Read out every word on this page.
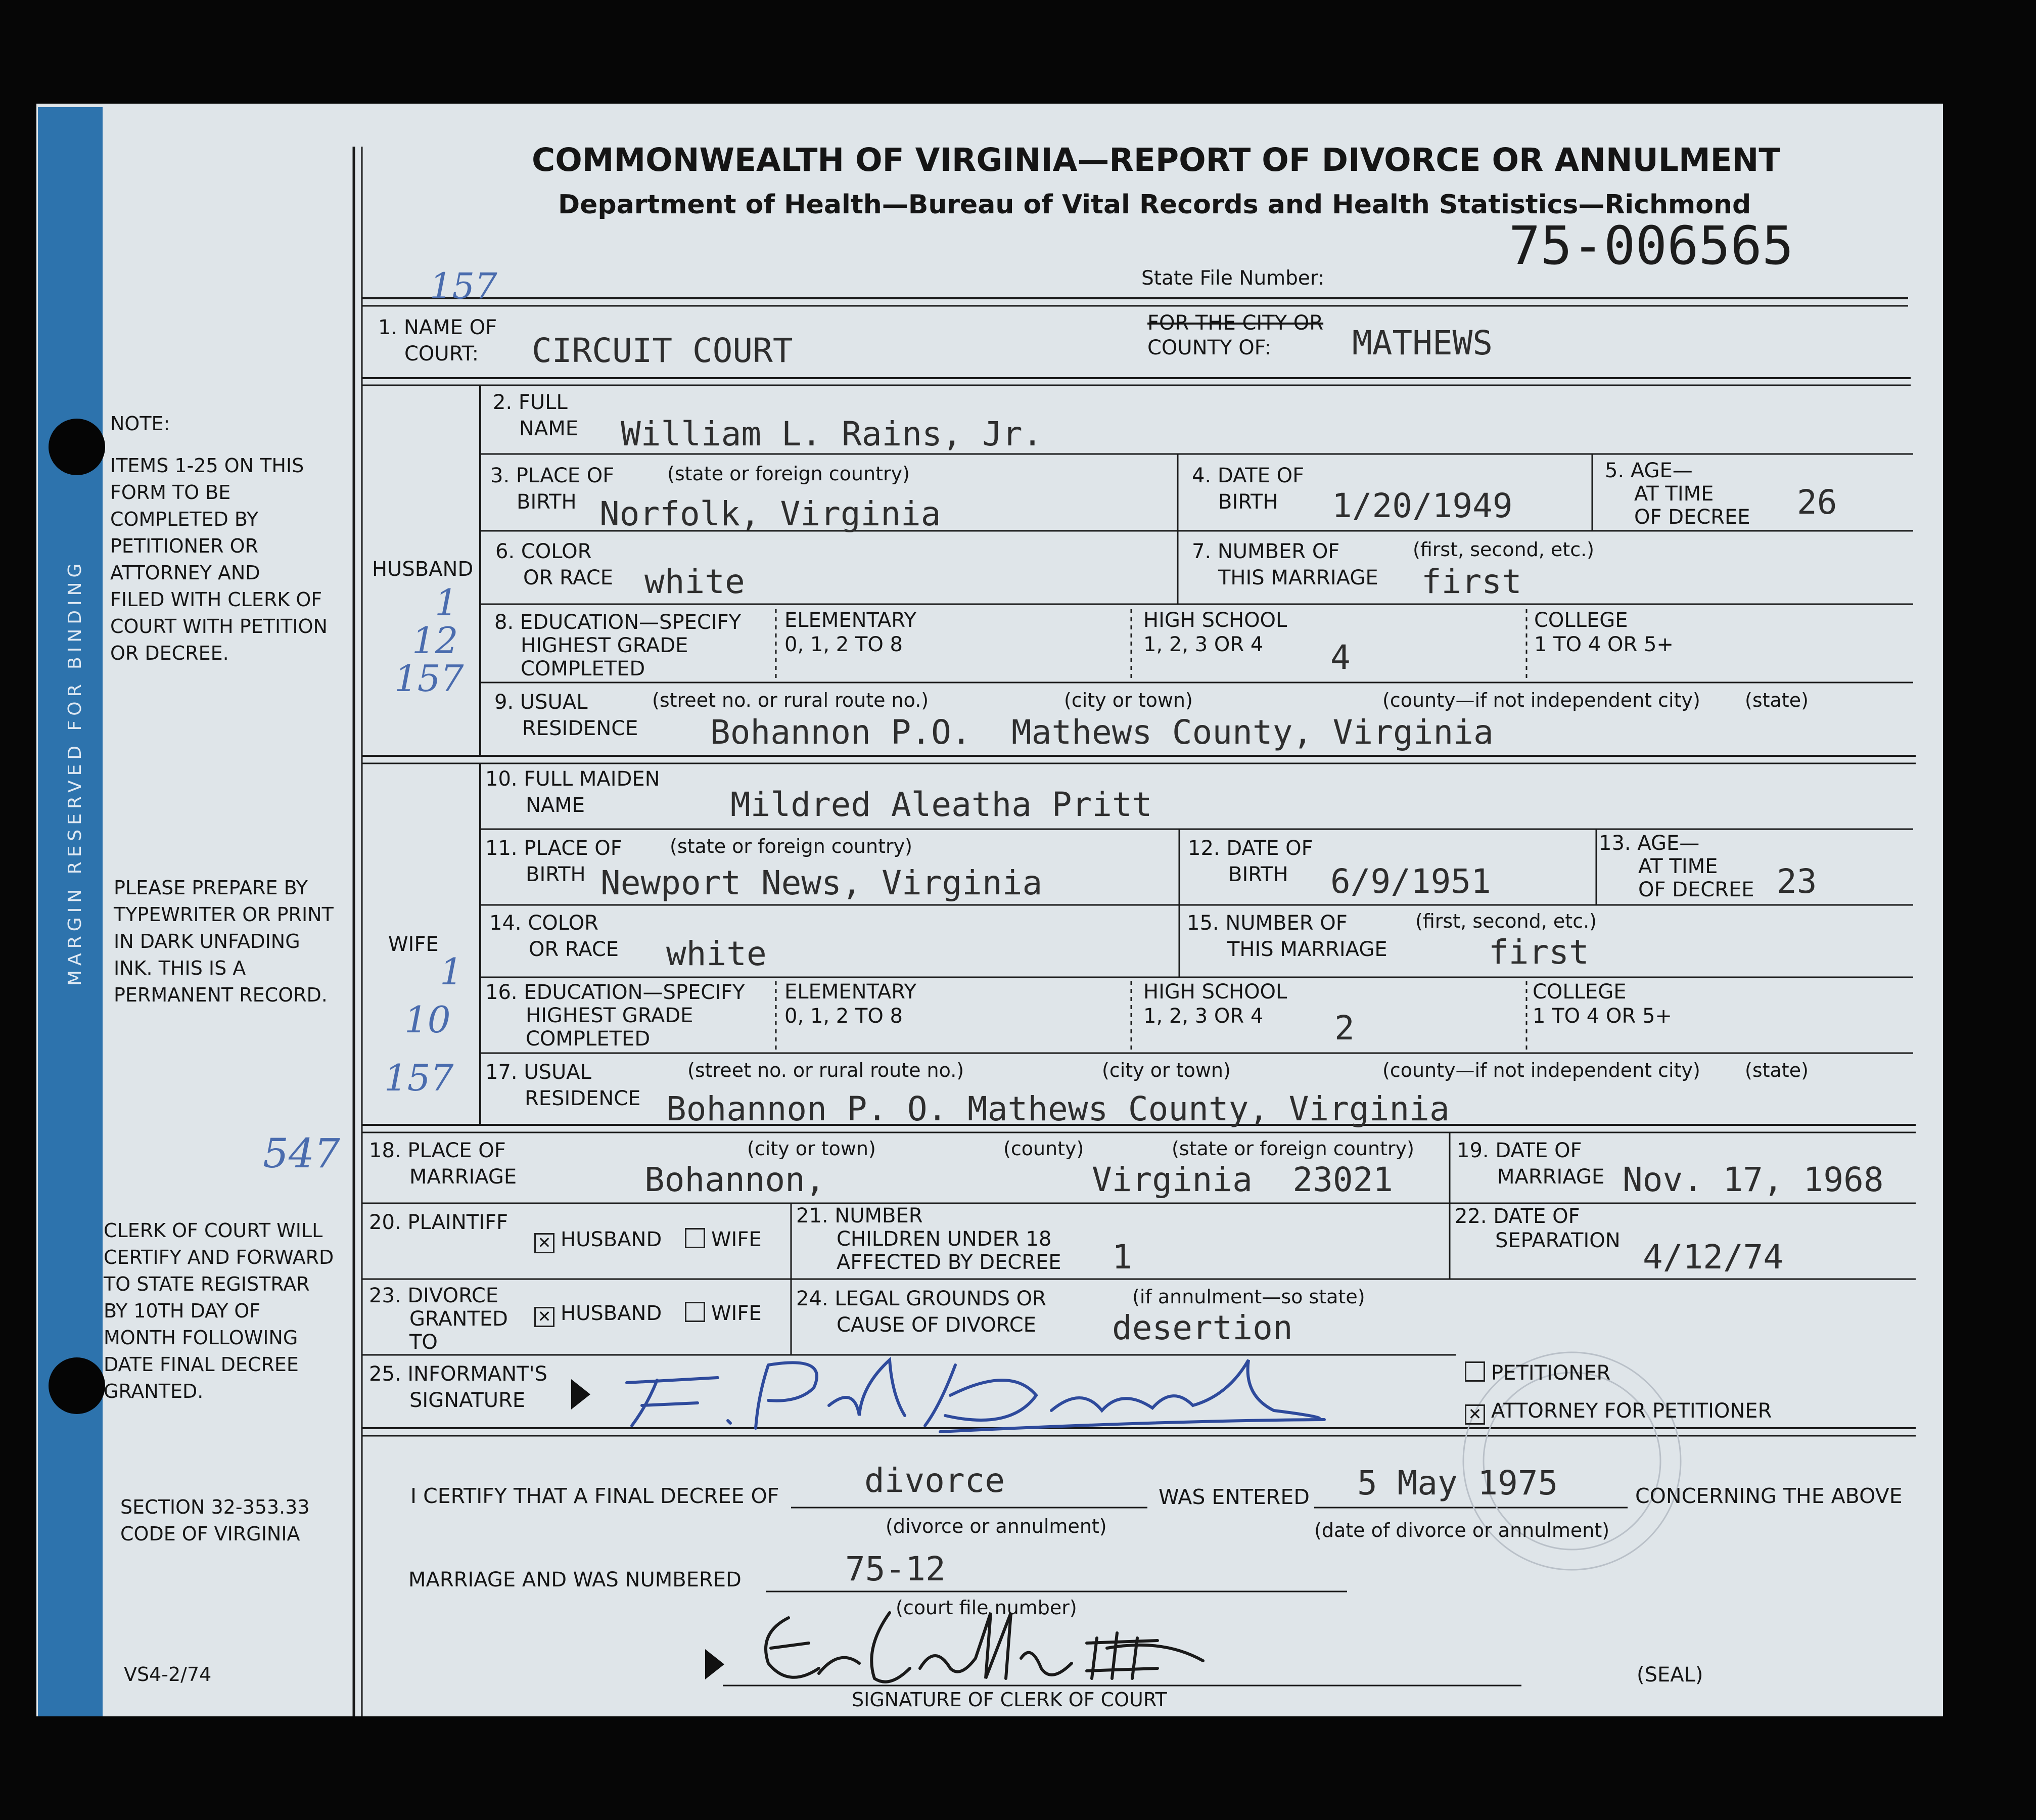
MARGIN RESERVED FOR BINDING
COMMONWEALTH OF VIRGINIA—REPORT OF DIVORCE OR ANNULMENT
Department of Health—Bureau of Vital Records and Health Statistics—Richmond
157	State File Number:
75-006565
NOTE:
ITEMS 1-25 ON THIS
FORM TO BE
COMPLETED BY
PETITIONER OR
ATTORNEY AND
FILED WITH CLERK OF
COURT WITH PETITION
OR DECREE.
PLEASE PREPARE BY
TYPEWRITER OR PRINT
IN DARK UNFADING
INK. THIS IS A
PERMANENT RECORD.
547
CLERK OF COURT WILL
CERTIFY AND FORWARD
TO STATE REGISTRAR
BY 10TH DAY OF
MONTH FOLLOWING
DATE FINAL DECREE
GRANTED.
SECTION 32-353.33
CODE OF VIRGINIA
VS4-2/74
1. NAME OF
COURT:	CIRCUIT COURT
FOR THE CITY OR
COUNTY OF: MATHEWS
HUSBAND
1
12
157
2. FULL
NAME William L. Rains, Jr.
3. PLACE OF
BIRTH
(state or foreign country)
Norfolk, Virginia
4. DATE OF
BIRTH	1/20/1949
5. AGE—
AT TIME
OF DECREE 26
6. COLOR
OR RACE white
7. NUMBER OF
THIS MARRIAGE
(first, second, etc.)
first
8. EDUCATION—SPECIFY
HIGHEST GRADE
COMPLETED
ELEMENTARY
0, 1, 2 TO 8
HIGH SCHOOL
1, 2, 3 OR 4	4
COLLEGE
1 TO 4 OR 5+
9. USUAL
RESIDENCE
(street no. or rural route no.)	(city or town)	(county—if not independent city) (state)
Bohannon P.O.  Mathews County, Virginia
WIFE
1
10
157
10. FULL MAIDEN
NAME	Mildred Aleatha Pritt
11. PLACE OF
BIRTH
(state or foreign country)
Newport News, Virginia
12. DATE OF
BIRTH	6/9/1951
13. AGE—
AT TIME
OF DECREE 23
14. COLOR
OR RACE white
15. NUMBER OF
THIS MARRIAGE
(first, second, etc.)
first
16. EDUCATION—SPECIFY
HIGHEST GRADE
COMPLETED
ELEMENTARY
0, 1, 2 TO 8
HIGH SCHOOL
1, 2, 3 OR 4	2
COLLEGE
1 TO 4 OR 5+
17. USUAL
RESIDENCE
(street no. or rural route no.)	(city or town)	(county—if not independent city) (state)
Bohannon P. O. Mathews County, Virginia
18. PLACE OF
MARRIAGE
(city or town)	(county)	(state or foreign country)
Bohannon,	Virginia  23021
19. DATE OF
MARRIAGE Nov. 17, 1968
20. PLAINTIFF
✕ HUSBAND	WIFE
21. NUMBER
CHILDREN UNDER 18
AFFECTED BY DECREE 1
22. DATE OF
SEPARATION 4/12/74
23. DIVORCE
GRANTED
TO
✕ HUSBAND	WIFE
24. LEGAL GROUNDS OR
CAUSE OF DIVORCE
(if annulment—so state)
desertion
25. INFORMANT'S
SIGNATURE
PETITIONER
✕ ATTORNEY FOR PETITIONER
I CERTIFY THAT A FINAL DECREE OF	divorce
(divorce or annulment)
WAS ENTERED 5 May 1975
(date of divorce or annulment)
CONCERNING THE ABOVE
MARRIAGE AND WAS NUMBERED	75-12
(court file number)
SIGNATURE OF CLERK OF COURT
(SEAL)
